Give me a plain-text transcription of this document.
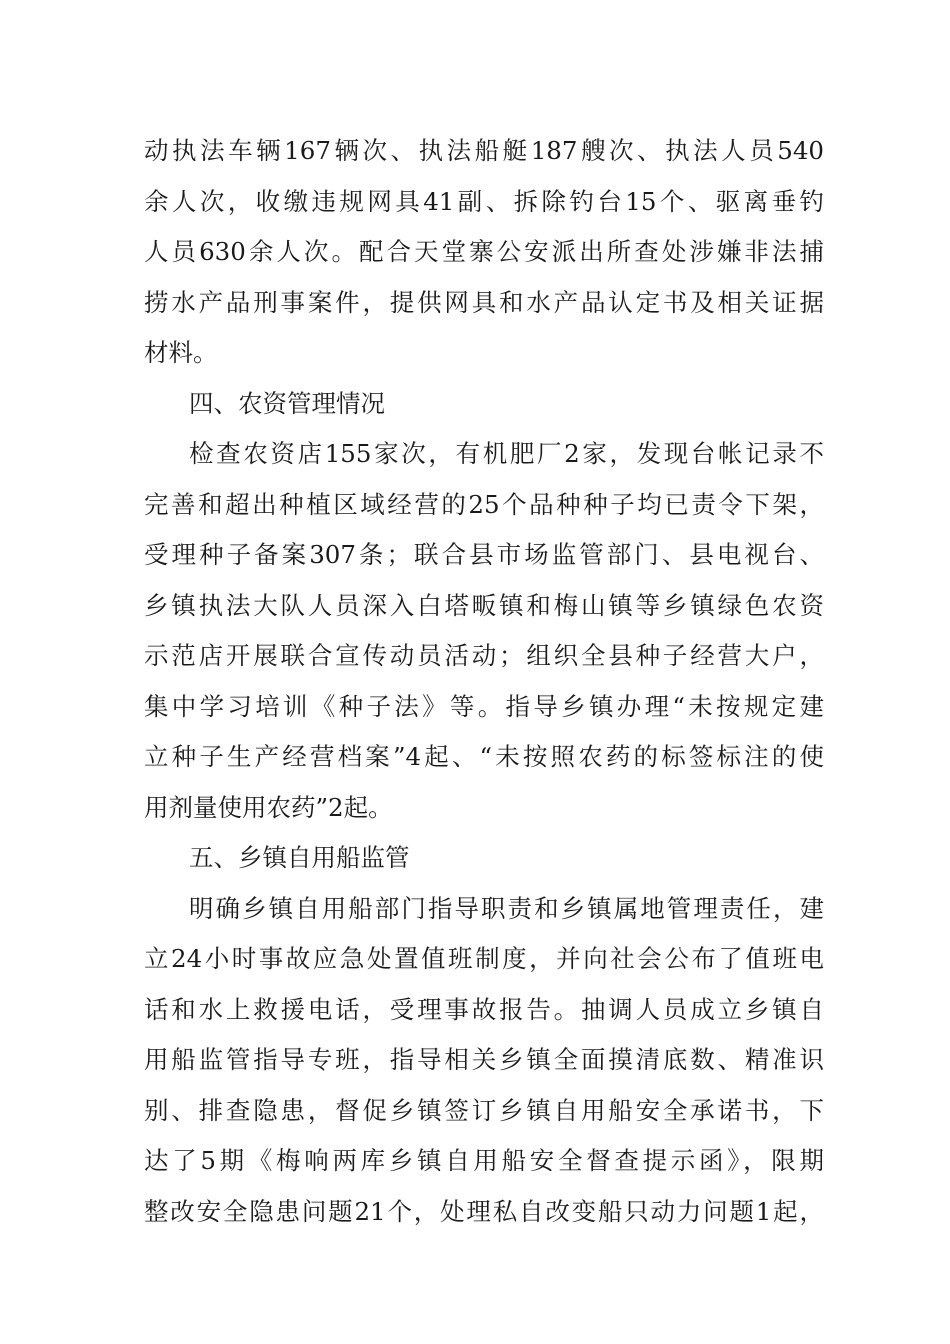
动执法车辆167辆次、执法船艇187艘次、执法人员540
余人次，收缴违规网具41副、拆除钓台15个、驱离垂钓
人员630余人次。配合天堂寨公安派出所查处涉嫌非法捕
捞水产品刑事案件，提供网具和水产品认定书及相关证据
材料。
四、农资管理情况
检查农资店155家次，有机肥厂2家，发现台帐记录不
完善和超出种植区域经营的25个品种种子均已责令下架，
受理种子备案307条；联合县市场监管部门、县电视台、
乡镇执法大队人员深入白塔畈镇和梅山镇等乡镇绿色农资
示范店开展联合宣传动员活动；组织全县种子经营大户，
集中学习培训《种子法》等。指导乡镇办理“未按规定建
立种子生产经营档案”4起、“未按照农药的标签标注的使
用剂量使用农药”2起。
五、乡镇自用船监管
明确乡镇自用船部门指导职责和乡镇属地管理责任，建
立24小时事故应急处置值班制度，并向社会公布了值班电
话和水上救援电话，受理事故报告。抽调人员成立乡镇自
用船监管指导专班，指导相关乡镇全面摸清底数、精准识
别、排查隐患，督促乡镇签订乡镇自用船安全承诺书，下
达了5期《梅响两库乡镇自用船安全督查提示函》，限期
整改安全隐患问题21个，处理私自改变船只动力问题1起，
